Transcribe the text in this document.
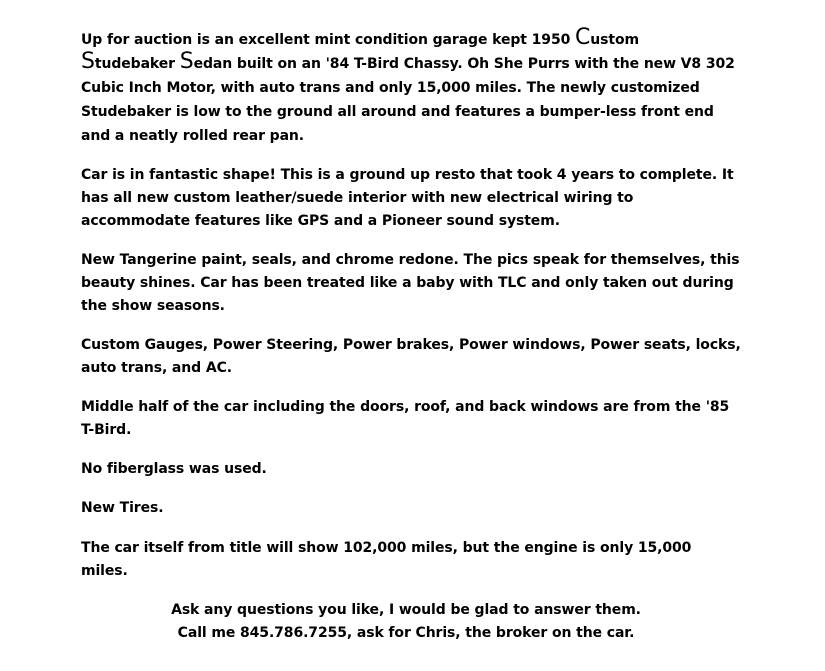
Up for auction is an excellent mint condition garage kept 1950 Custom
Studebaker Sedan built on an '84 T-Bird Chassy. Oh She Purrs with the new V8 302 Cubic Inch Motor, with auto trans and only 15,000 miles. The newly customized Studebaker is low to the ground all around and features a bumper-less front end and a neatly rolled rear pan.

Car is in fantastic shape! This is a ground up resto that took 4 years to complete. It has all new custom leather/suede interior with new electrical wiring to accommodate features like GPS and a Pioneer sound system.

New Tangerine paint, seals, and chrome redone. The pics speak for themselves, this beauty shines. Car has been treated like a baby with TLC and only taken out during the show seasons.

Custom Gauges, Power Steering, Power brakes, Power windows, Power seats, locks, auto trans, and AC.

Middle half of the car including the doors, roof, and back windows are from the '85 T-Bird.

No fiberglass was used.

New Tires.

The car itself from title will show 102,000 miles, but the engine is only 15,000 miles.

Ask any questions you like, I would be glad to answer them.
Call me 845.786.7255, ask for Chris, the broker on the car.
